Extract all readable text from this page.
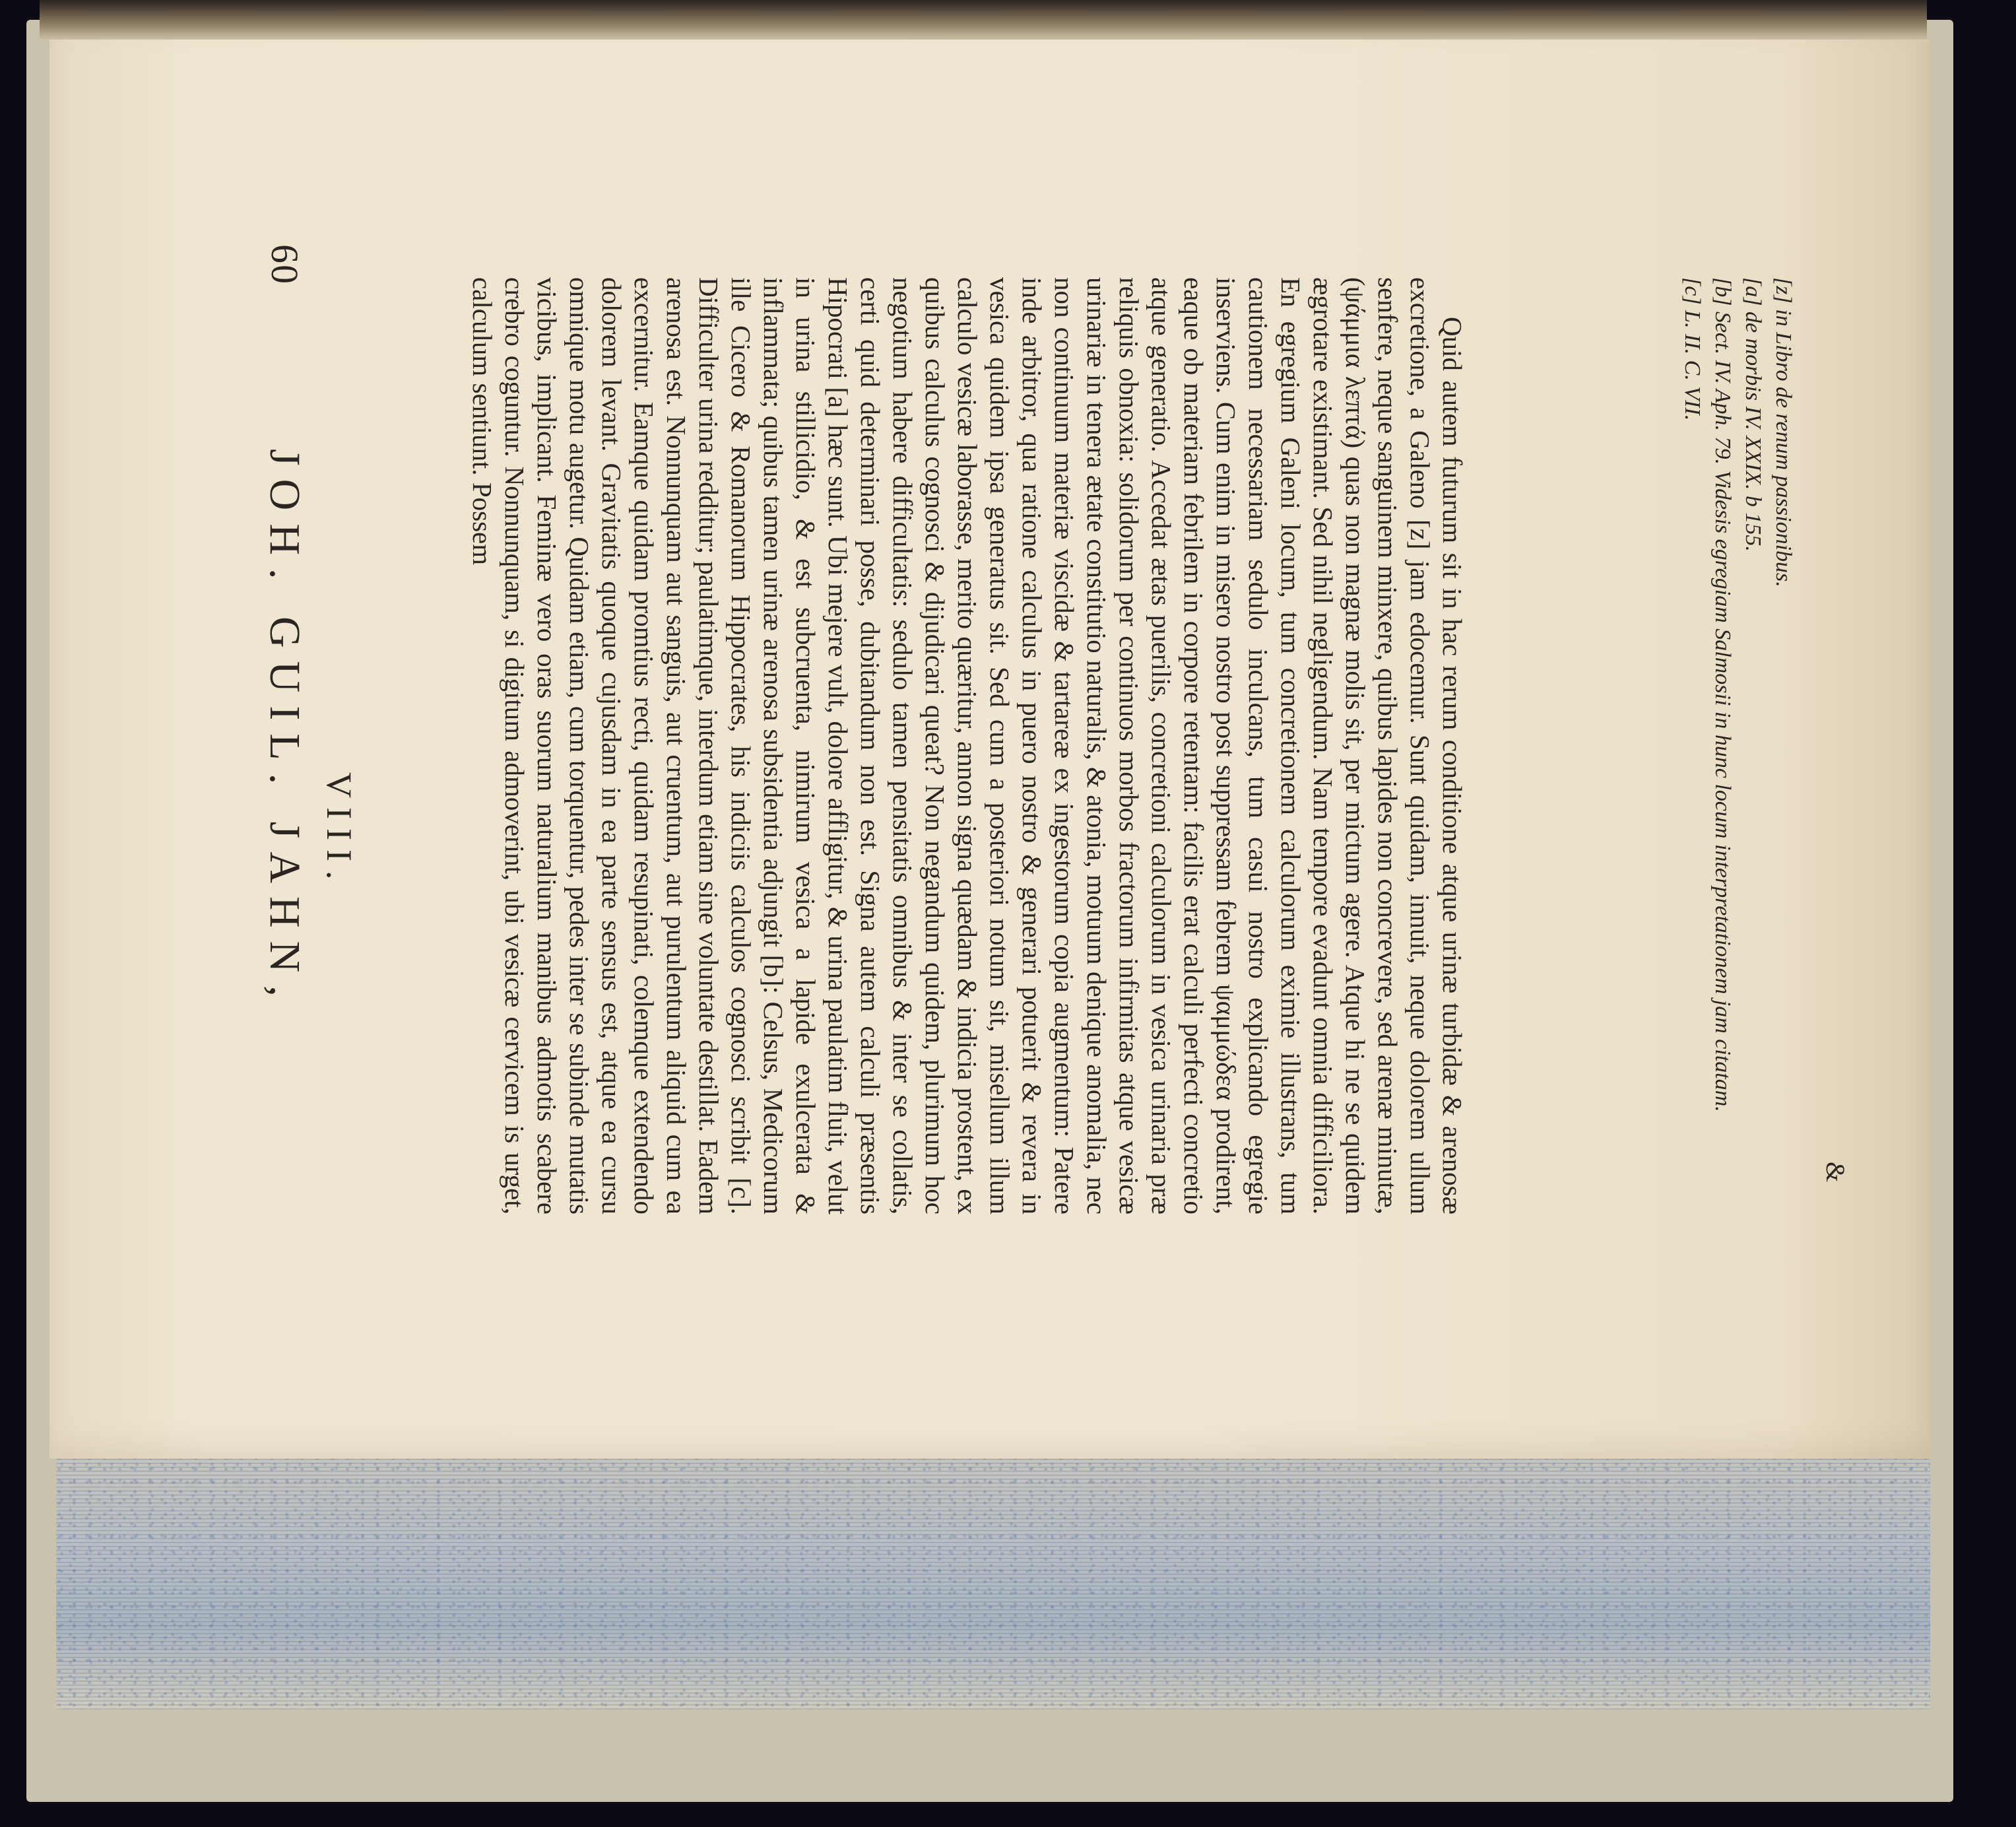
60
JOH. GUIL. JAHN, VIII.	Quid autem futurum sit in hac rerum conditione atque urinæ turbidæ & arenosæ excretione, a Galeno [z] jam edocemur. Sunt quidam, innuit, neque dolorem ullum senfere, neque sanguinem minxere, quibus lapides non concrevere, sed arenæ minutæ, (ψάμμια λεπτά) quas non magnæ molis sit, per mictum agere. Atque hi ne se quidem ægrotare existimant. Sed nihil negligendum. Nam tempore evadunt omnia difficiliora. En egregium Galeni locum, tum concretionem calculorum eximie illustrans, tum cautionem necessariam sedulo inculcans, tum casui nostro explicando egregie inserviens. Cum enim in misero nostro post suppressam febrem ψαμμώδεα prodirent, eaque ob materiam febrilem in corpore retentam: facilis erat calculi perfecti concretio atque generatio. Accedat ætas puerilis, concretioni calculorum in vesica urinaria præ reliquis obnoxia: solidorum per continuos morbos fractorum infirmitas atque vesicæ urinariæ in tenera ætate constitutio naturalis, & atonia, motuum denique anomalia, nec non continuum materiæ viscidæ & tartareæ ex ingestorum copia augmentum: Patere inde arbitror, qua ratione calculus in puero nostro & generari potuerit & revera in vesica quidem ipsa generatus sit. Sed cum a posteriori notum sit, misellum illum calculo vesicæ laborasse, merito quæritur, annon signa quædam & indicia prostent, ex quibus calculus cognosci & dijudicari queat? Non negandum quidem, plurimum hoc negotium habere difficultatis: sedulo tamen pensitatis omnibus & inter se collatis, certi quid determinari posse, dubitandum non est. Signa autem calculi præsentis Hipocrati [a] hæc sunt. Ubi mejere vult, dolore affligitur, & urina paulatim fluit, velut in urina stillicidio, & est subcruenta, nimirum vesica a lapide exulcerata & inflammata; quibus tamen urinæ arenosa subsidentia adjungit [b]: Celsus, Medicorum ille Cicero & Romanorum Hippocrates, his indiciis calculos cognosci scribit [c]. Difficulter urina redditur; paulatimque, interdum etiam sine voluntate destillat. Eadem arenosa est. Nonnunquam aut sanguis, aut cruentum, aut purulentum aliquid cum ea excernitur. Eamque quidam promtius recti, quidam resupinati, colemque extendendo dolorem levant. Gravitatis quoque cujusdam in ea parte sensus est, atque ea cursu omnique motu augetur. Quidam etiam, cum torquentur, pedes inter se subinde mutatis vicibus, implicant. Feminæ vero oras suorum naturalium manibus admotis scabere crebro coguntur. Nonnunquam, si digitum admoverint, ubi vesicæ cervicem is urget, calculum sentiunt. Possem	[z] in Libro de renum passionibus.
[a] de morbis IV. XXIX. b 155.
[b] Sect. IV. Aph. 79. Videsis egregiam Salmosii in hunc locum interpretationem jam citatam.
[c] L. II. C. VII.
&
